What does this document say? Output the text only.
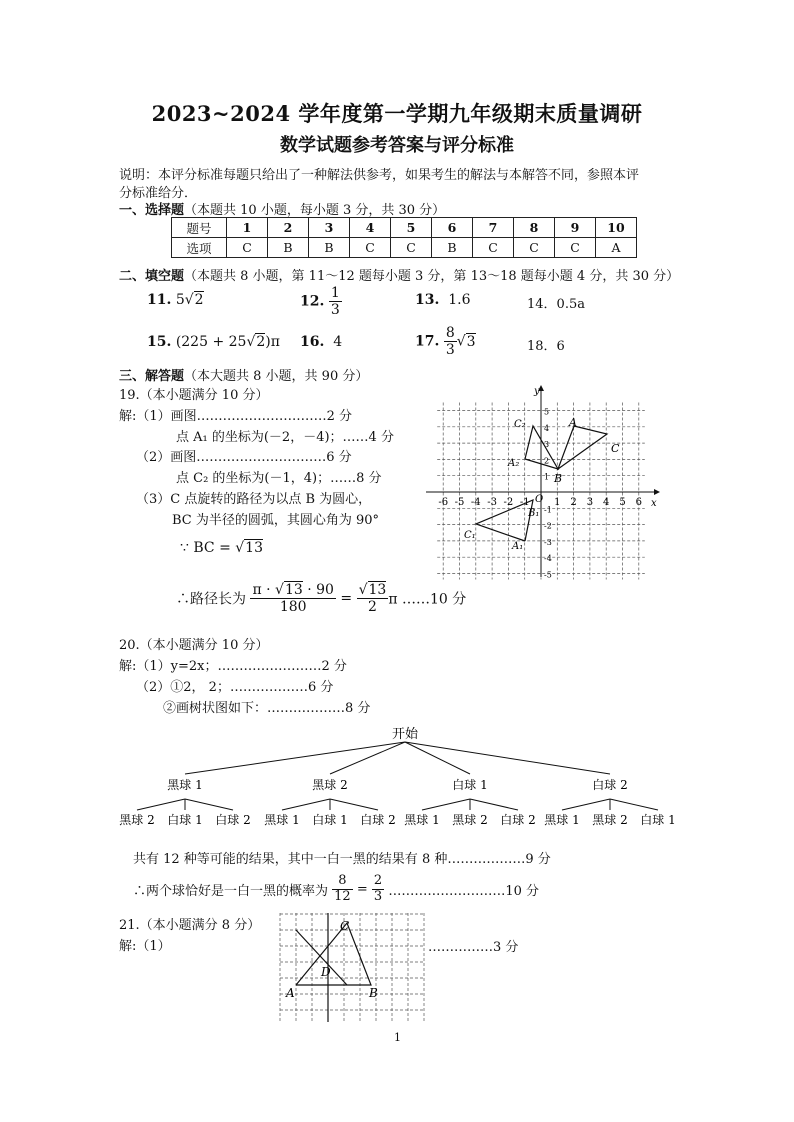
2023~2024 学年度第一学期九年级期末质量调研
数学试题参考答案与评分标准
说明：本评分标准每题只给出了一种解法供参考，如果考生的解法与本解答不同，参照本评
分标准给分．
一、选择题（本题共 10 小题，每小题 3 分，共 30 分）
题号	1	2	3	4	5	6	7	8	9	10
选项	C	B	B	C	C	B	C	C	C	A
二、填空题（本题共 8 小题，第 11～12 题每小题 3 分，第 13～18 题每小题 4 分，共 30 分）
11. 5√2	12. $\frac{1}{3}$	13. 1.6	14．0.5a
15. (225 + 25√2)π 16. 4	17. $\frac{8}{3} √3$	18．6
三、解答题（本大题共 8 小题，共 90 分）
19.（本小题满分 10 分）
解:（1）画图…………………………2 分
点 A₁ 的坐标为(－2，－4)；……4 分
（2）画图…………………………6 分
点 C₂ 的坐标为(－1，4)；……8 分
（3）C 点旋转的路径为以点 B 为圆心，
BC 为半径的圆弧，其圆心角为 90°
∵ BC = √13
∴路径长为 $\frac{\pi \cdot √13 \cdot 90}{180} = \frac{√13}{2}$ π ……10 分
x
y
O
-6 -5 -4 -3 -2 -1 1 2 3 4 5 6
5
4
3
2
1
-1
-2
-3
-4
-5
A
B
C
A₁
B₁
C₁
A₂
C₂
20.（本小题满分 10 分）
解:（1）y=2x；……………………2 分
（2）①2， 2；………………6 分
②画树状图如下：………………8 分
开始
黑球 1
黑球 2 白球 1 白球 2
黑球 2
黑球 1 白球 1 白球 2
白球 1
黑球 1 黑球 2 白球 2
白球 2
黑球 1 黑球 2 白球 1
共有 12 种等可能的结果，其中一白一黑的结果有 8 种………………9 分
∴两个球恰好是一白一黑的概率为 $\frac{8}{12} = \frac{2}{3}$ ………………………10 分
21.（本小题满分 8 分）
解:（1）	……………3 分
A	B
C
D
1
